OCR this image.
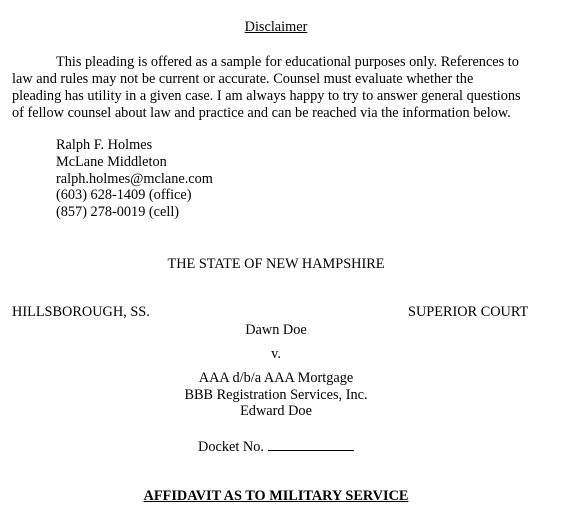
Disclaimer
This pleading is offered as a sample for educational purposes only. References to
law and rules may not be current or accurate. Counsel must evaluate whether the
pleading has utility in a given case. I am always happy to try to answer general questions
of fellow counsel about law and practice and can be reached via the information below.
Ralph F. Holmes
McLane Middleton
ralph.holmes@mclane.com
(603) 628-1409 (office)
(857) 278-0019 (cell)
THE STATE OF NEW HAMPSHIRE
HILLSBOROUGH, SS.	SUPERIOR COURT
Dawn Doe
v.
AAA d/b/a AAA Mortgage
BBB Registration Services, Inc.
Edward Doe
Docket No.
AFFIDAVIT AS TO MILITARY SERVICE
